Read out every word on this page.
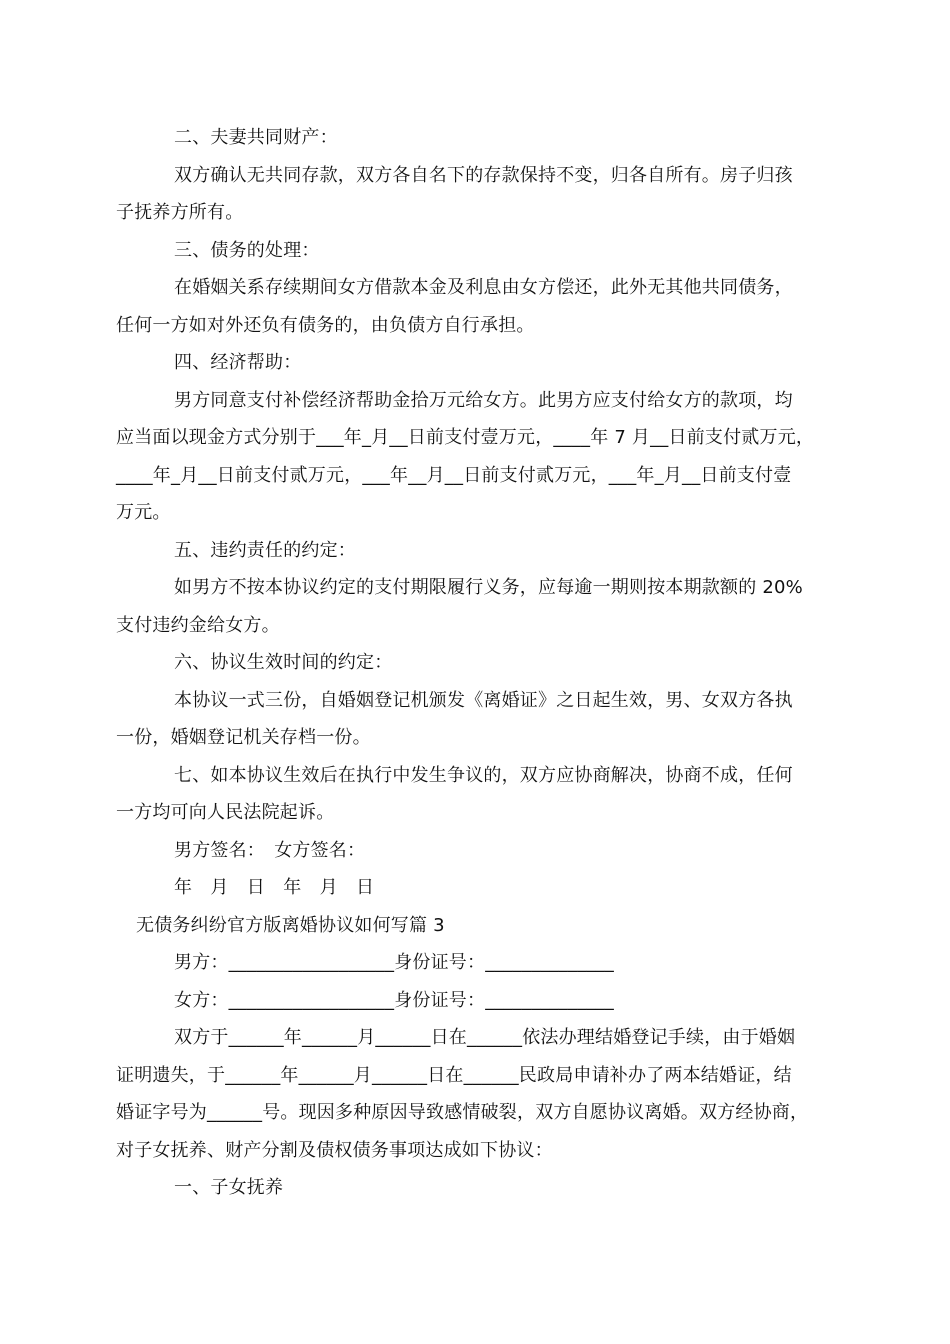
二、夫妻共同财产：
双方确认无共同存款，双方各自名下的存款保持不变，归各自所有。房子归孩
子抚养方所有。
三、债务的处理：
在婚姻关系存续期间女方借款本金及利息由女方偿还，此外无其他共同债务，
任何一方如对外还负有债务的，由负债方自行承担。
四、经济帮助：
男方同意支付补偿经济帮助金拾万元给女方。此男方应支付给女方的款项，均
应当面以现金方式分别于___年_月__日前支付壹万元，____年 7 月__日前支付贰万元，
____年_月__日前支付贰万元，___年__月__日前支付贰万元，___年_月__日前支付壹
万元。
五、违约责任的约定：
如男方不按本协议约定的支付期限履行义务，应每逾一期则按本期款额的 20%
支付违约金给女方。
六、协议生效时间的约定：
本协议一式三份，自婚姻登记机颁发《离婚证》之日起生效，男、女双方各执
一份，婚姻登记机关存档一份。
七、如本协议生效后在执行中发生争议的，双方应协商解决，协商不成，任何
一方均可向人民法院起诉。
男方签名：　女方签名：
年　月　日　年　月　日
无债务纠纷官方版离婚协议如何写篇 3
男方：__________________身份证号：______________
女方：__________________身份证号：______________
双方于______年______月______日在______依法办理结婚登记手续，由于婚姻
证明遗失，于______年______月______日在______民政局申请补办了两本结婚证，结
婚证字号为______号。现因多种原因导致感情破裂，双方自愿协议离婚。双方经协商，
对子女抚养、财产分割及债权债务事项达成如下协议：
一、子女抚养
